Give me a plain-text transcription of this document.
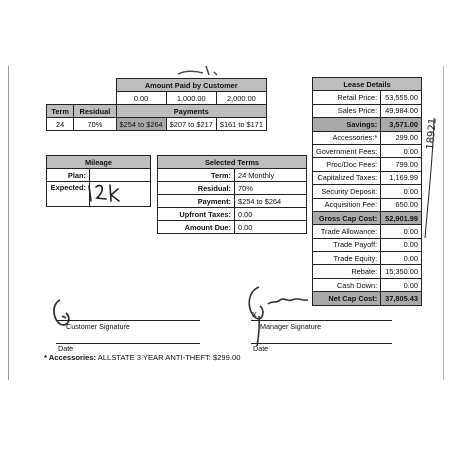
		Amount Paid by Customer		
		0.00	1,000.00	2,000.00
Term	Residual	Payments		
24	70%	$254 to $264	$207 to $217	$161 to $171
Mileage	
Plan:	
Expected:	
Selected Terms	
Term:	24 Monthly
Residual:	70%
Payment:	$254 to $264
Upfront Taxes:	0.00
Amount Due:	0.00
Lease Details	
Retail Price:	53,555.00
Sales Price:	49,984.00
Savings:	3,571.00
Accessories:*	299.00
Government Fees:	0.00
Proc/Doc Fees:	799.00
Capitalized Taxes:	1,169.99
Security Deposit:	0.00
Acquisition Fee:	650.00
Gross Cap Cost:	52,901.99
Trade Allowance:	0.00
Trade Payoff:	0.00
Trade Equity:	0.00
Rebate:	15,350.00
Cash Down:	0.00
Net Cap Cost:	37,805.43
18921
Customer Signature
Date
X
Manager Signature
Date
* Accessories: ALLSTATE 3 YEAR ANTI-THEFT: $299.00
